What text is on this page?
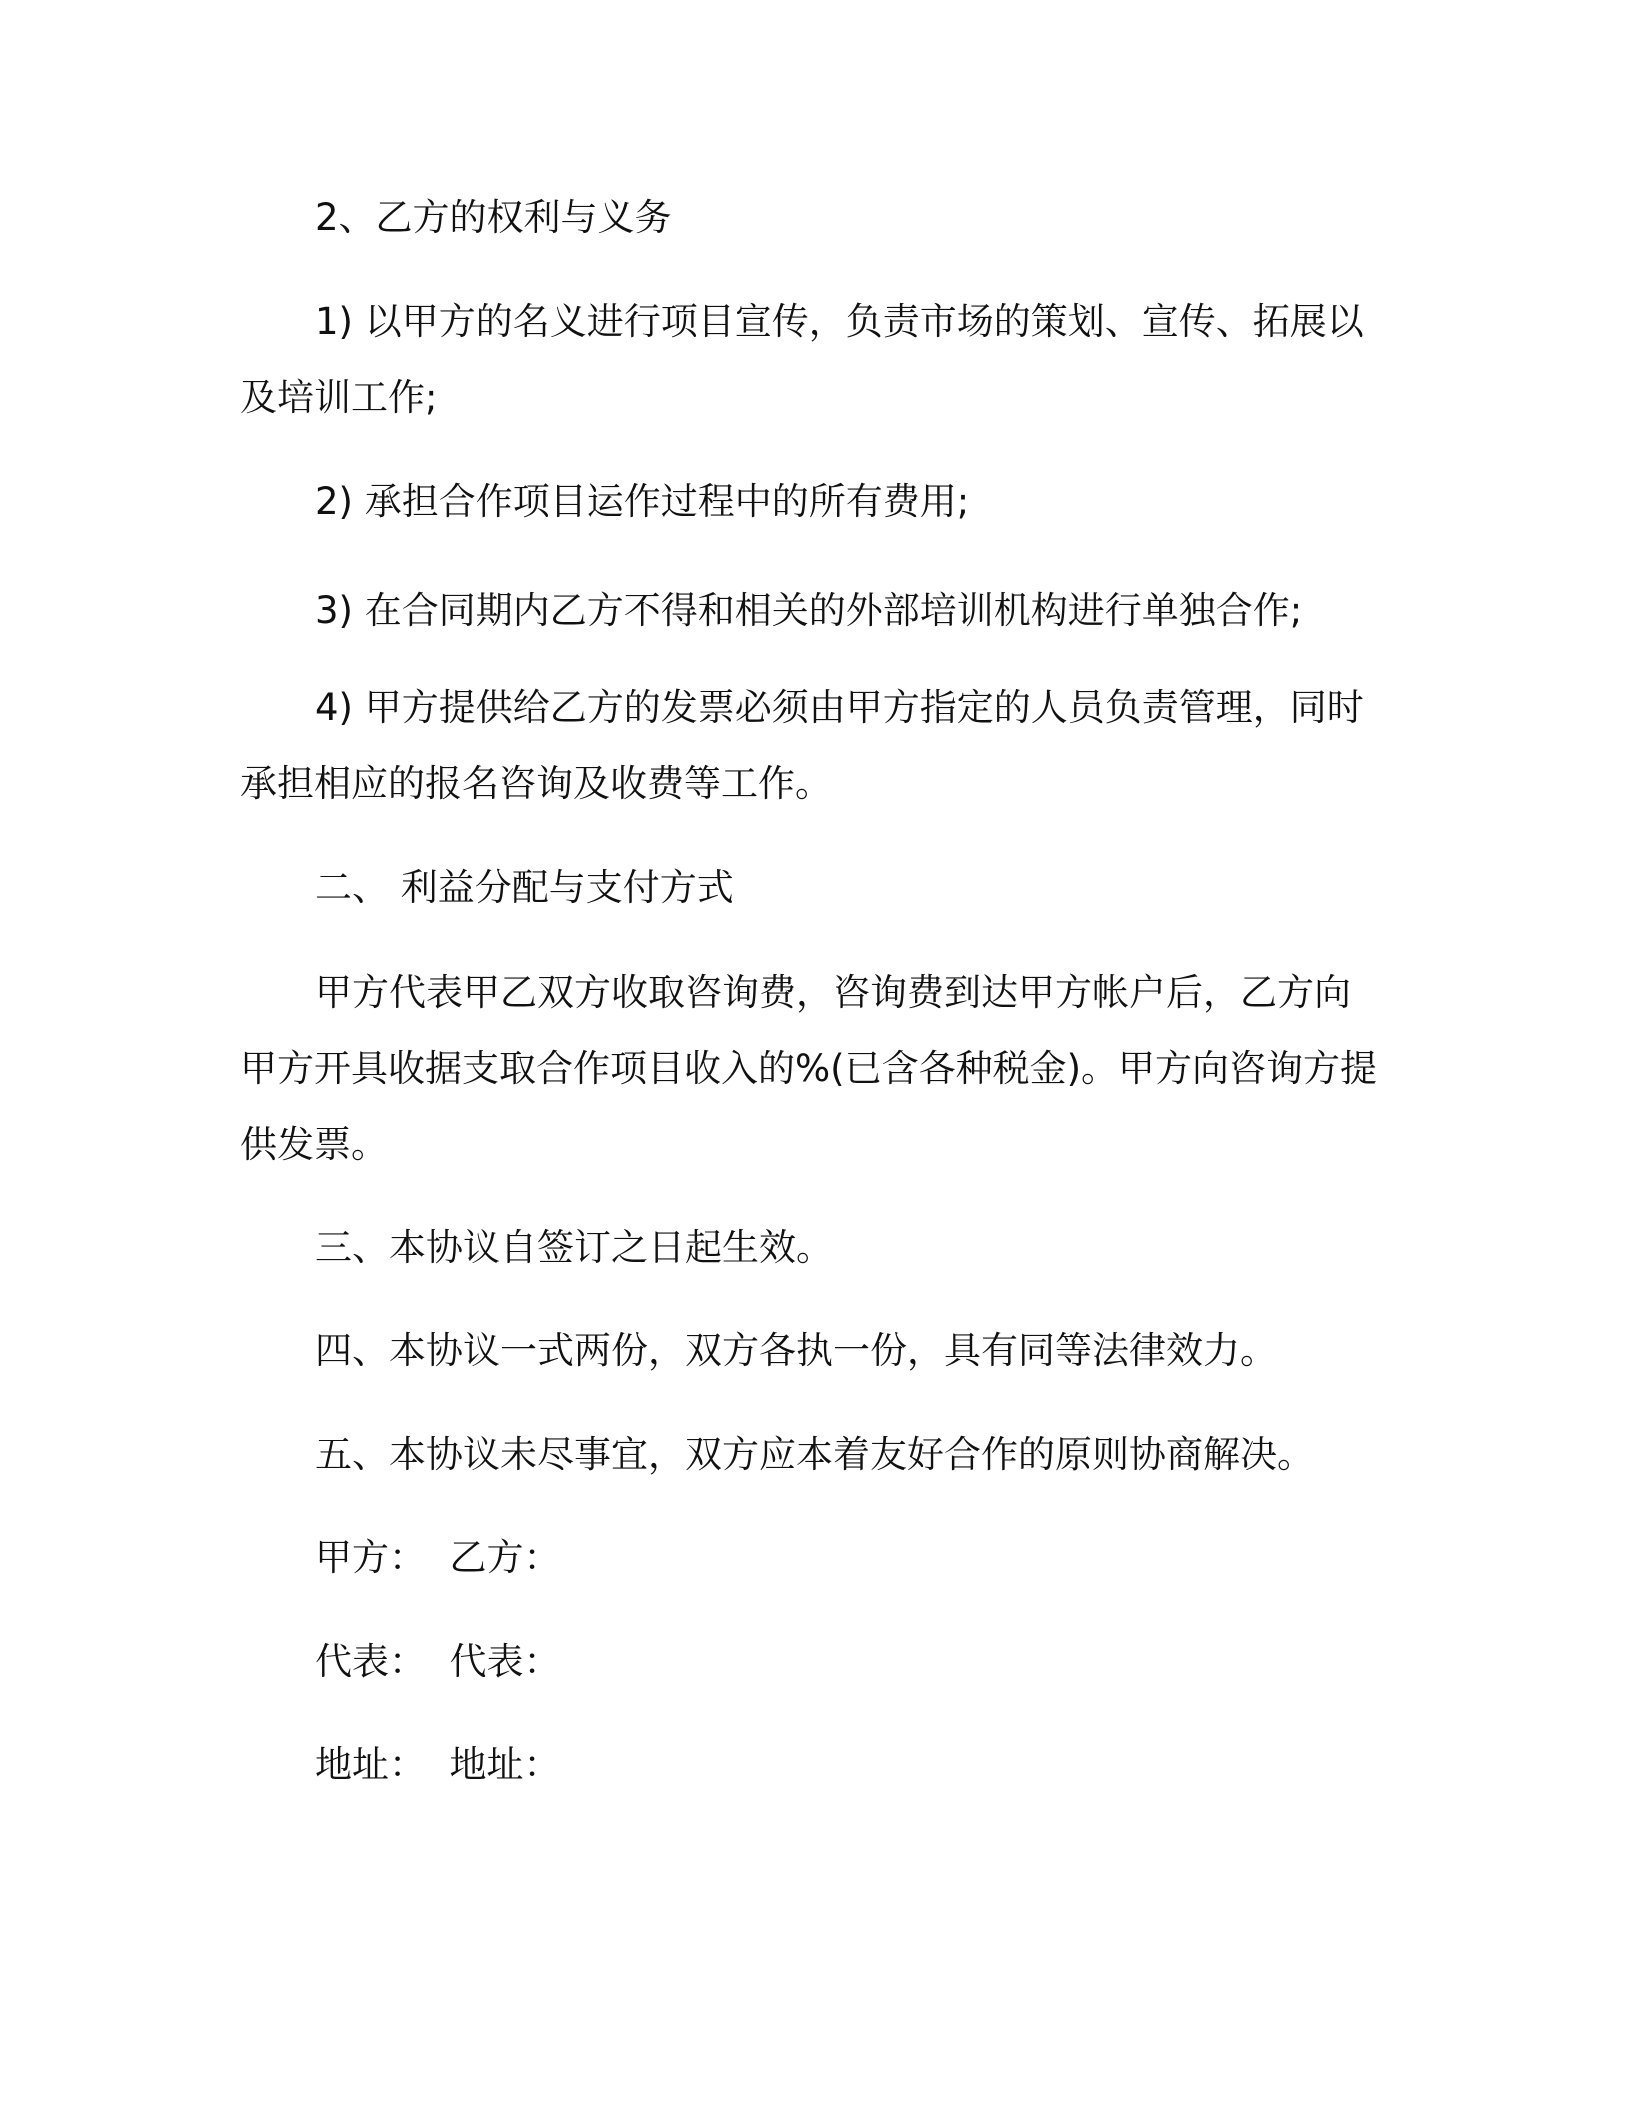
2、乙方的权利与义务

1) 以甲方的名义进行项目宣传，负责市场的策划、宣传、拓展以

及培训工作;

2) 承担合作项目运作过程中的所有费用;

3) 在合同期内乙方不得和相关的外部培训机构进行单独合作;

4) 甲方提供给乙方的发票必须由甲方指定的人员负责管理，同时

承担相应的报名咨询及收费等工作。

二、 利益分配与支付方式

甲方代表甲乙双方收取咨询费，咨询费到达甲方帐户后，乙方向

甲方开具收据支取合作项目收入的%(已含各种税金)。甲方向咨询方提

供发票。

三、本协议自签订之日起生效。

四、本协议一式两份，双方各执一份，具有同等法律效力。

五、本协议未尽事宜，双方应本着友好合作的原则协商解决。

甲方：  乙方：

代表：  代表：

地址：  地址：
